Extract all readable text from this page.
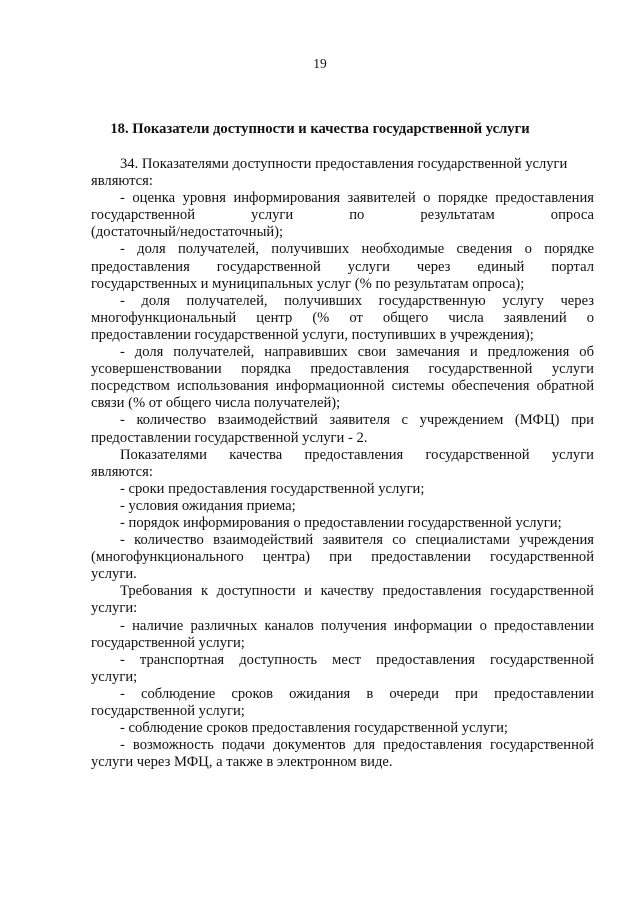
19
18. Показатели доступности и качества государственной услуги
34. Показателями доступности предоставления государственной услуги
являются:
- оценка уровня информирования заявителей о порядке предоставления
государственной услуги по результатам опроса
(достаточный/недостаточный);
- доля получателей, получивших необходимые сведения о порядке
предоставления государственной услуги через единый портал
государственных и муниципальных услуг (% по результатам опроса);
- доля получателей, получивших государственную услугу через
многофункциональный центр (% от общего числа заявлений о
предоставлении государственной услуги, поступивших в учреждения);
- доля получателей, направивших свои замечания и предложения об
усовершенствовании порядка предоставления государственной услуги
посредством использования информационной системы обеспечения обратной
связи (% от общего числа получателей);
- количество взаимодействий заявителя с учреждением (МФЦ) при
предоставлении государственной услуги - 2.
Показателями качества предоставления государственной услуги
являются:
- сроки предоставления государственной услуги;
- условия ожидания приема;
- порядок информирования о предоставлении государственной услуги;
- количество взаимодействий заявителя со специалистами учреждения
(многофункционального центра) при предоставлении государственной
услуги.
Требования к доступности и качеству предоставления государственной
услуги:
- наличие различных каналов получения информации о предоставлении
государственной услуги;
- транспортная доступность мест предоставления государственной
услуги;
- соблюдение сроков ожидания в очереди при предоставлении
государственной услуги;
- соблюдение сроков предоставления государственной услуги;
- возможность подачи документов для предоставления государственной
услуги через МФЦ, а также в электронном виде.
